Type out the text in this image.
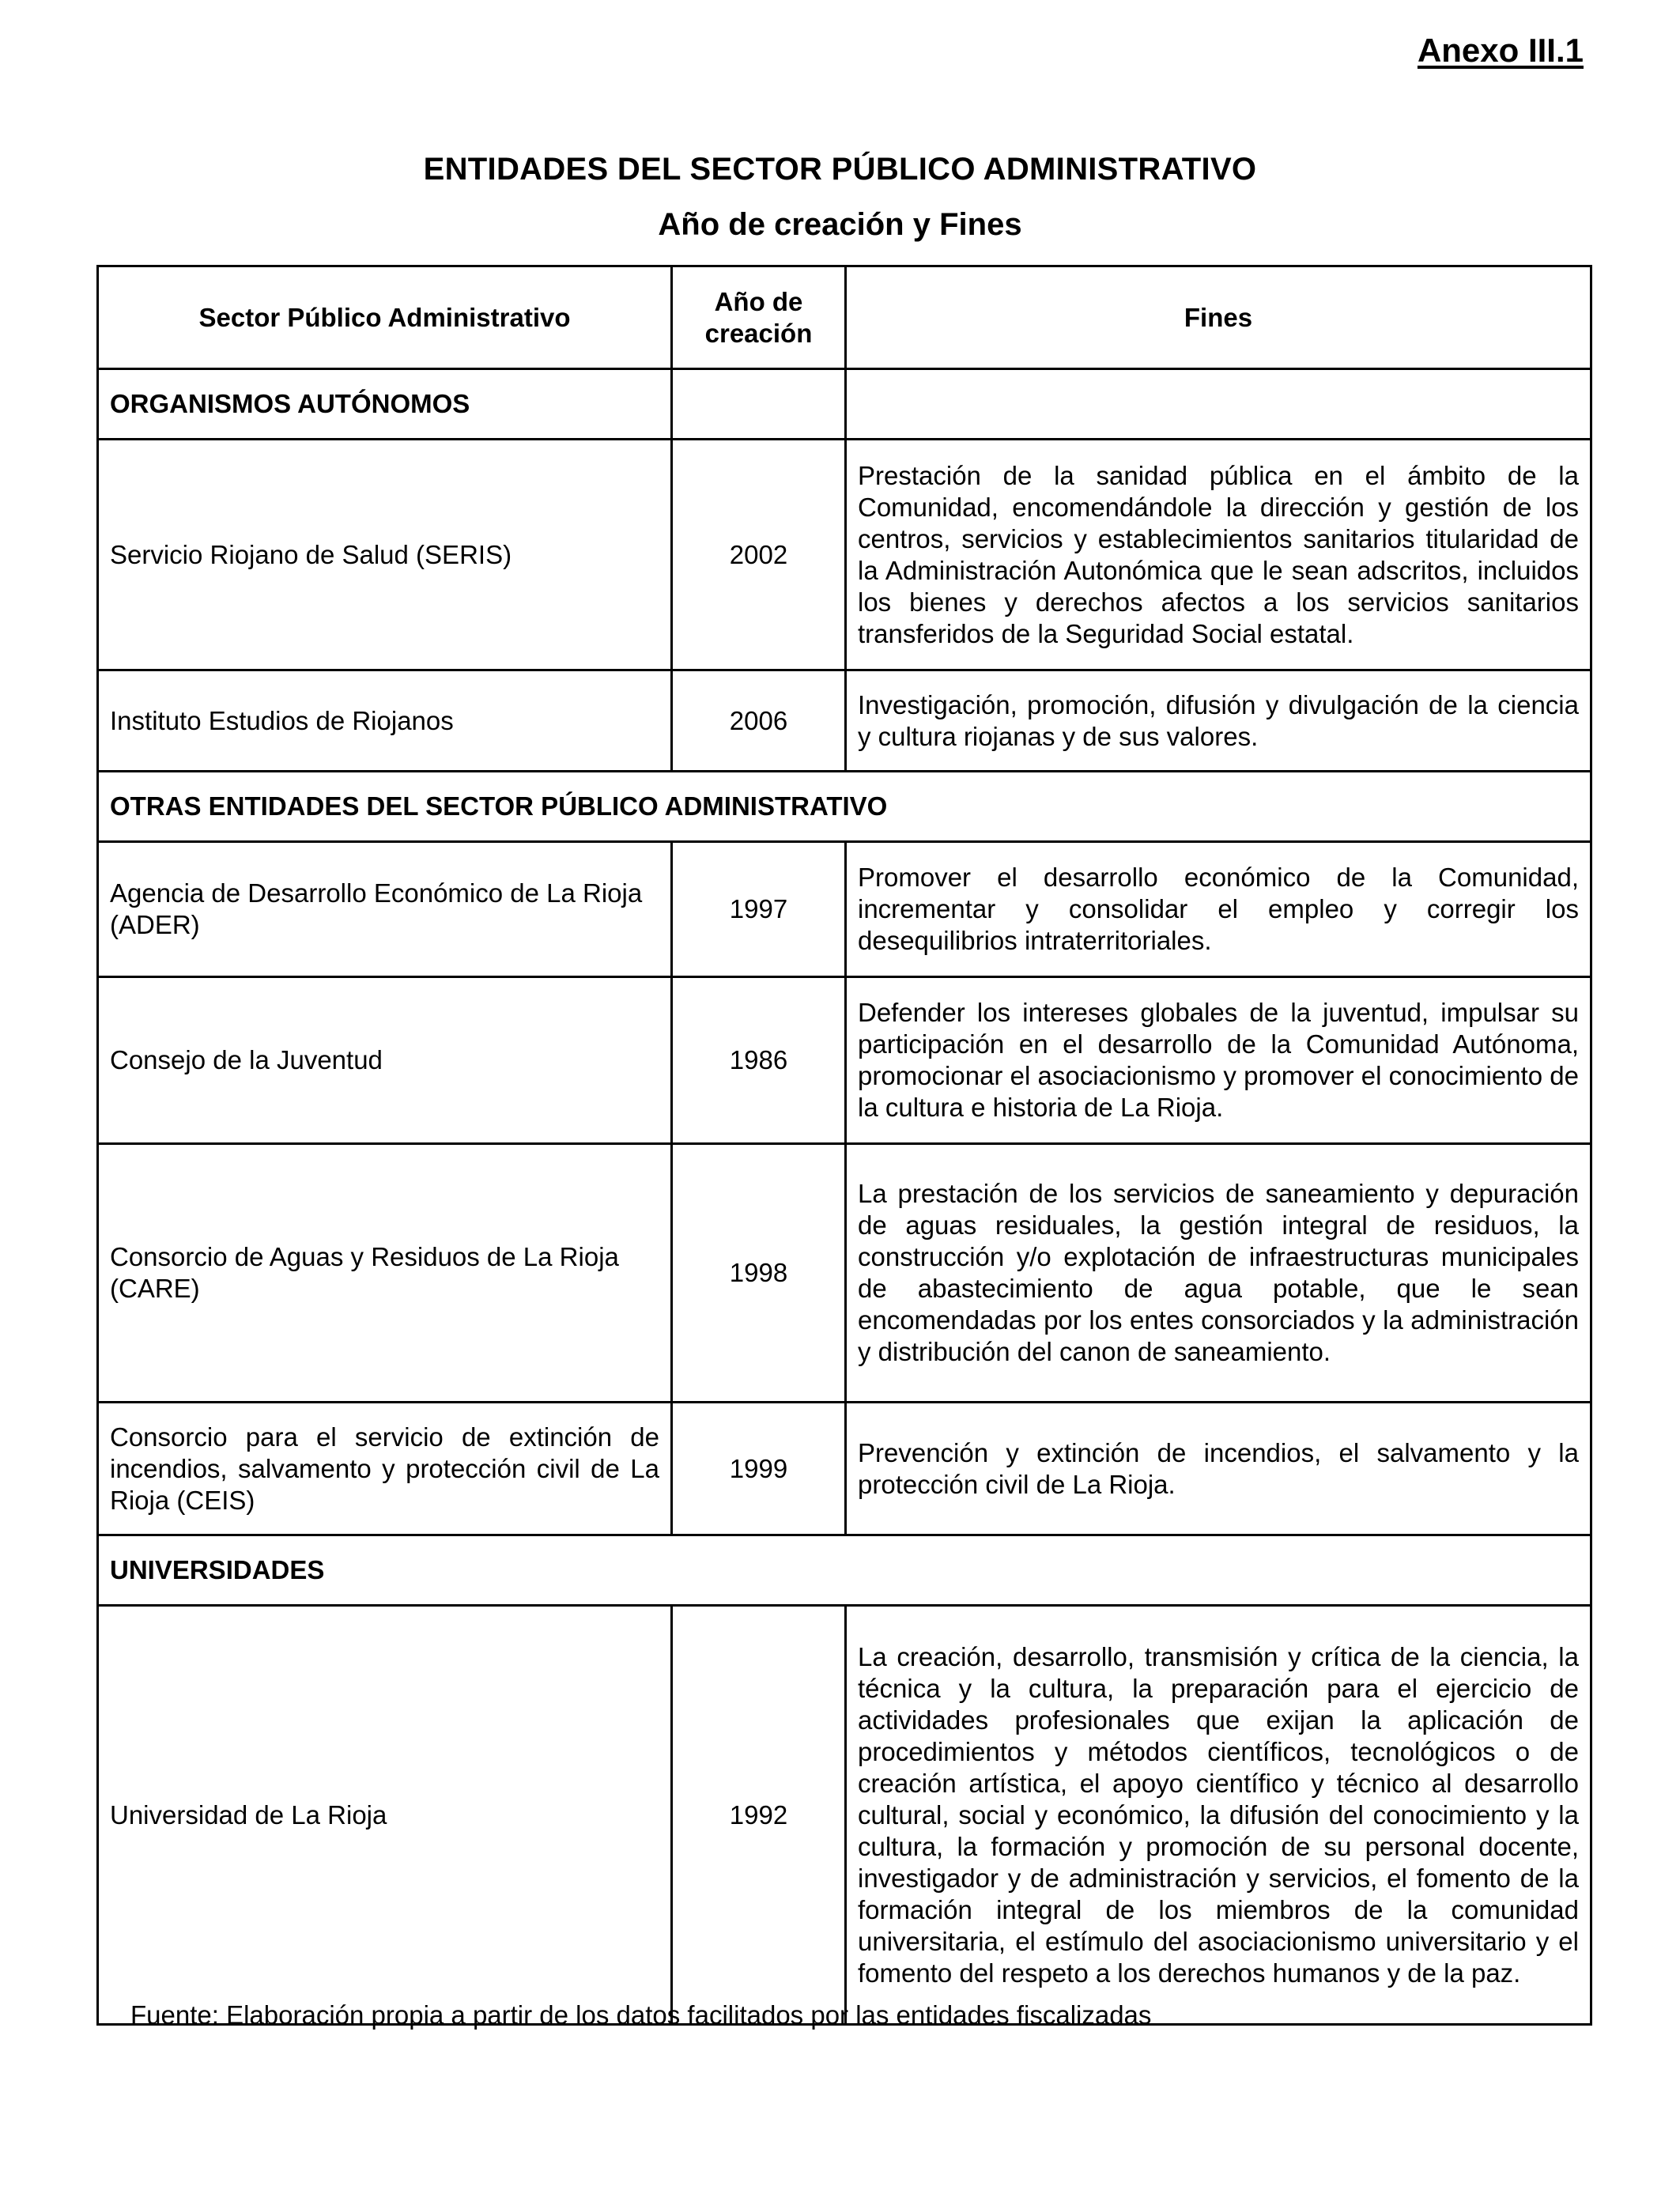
Anexo III.1
ENTIDADES DEL SECTOR PÚBLICO ADMINISTRATIVO
Año de creación y Fines
Sector Público Administrativo	Año de creación	Fines
ORGANISMOS AUTÓNOMOS		
Servicio Riojano de Salud (SERIS)	2002	Prestación de la sanidad pública en el ámbito de la Comunidad, encomendándole la dirección y gestión de los centros, servicios y establecimientos sanitarios titularidad de la Administración Autonómica que le sean adscritos, incluidos los bienes y derechos afectos a los servicios sanitarios transferidos de la Seguridad Social estatal.
Instituto Estudios de Riojanos	2006	Investigación, promoción, difusión y divulgación de la ciencia y cultura riojanas y de sus valores.
OTRAS ENTIDADES DEL SECTOR PÚBLICO ADMINISTRATIVO		
Agencia de Desarrollo Económico de La Rioja (ADER)	1997	Promover el desarrollo económico de la Comunidad, incrementar y consolidar el empleo y corregir los desequilibrios intraterritoriales.
Consejo de la Juventud	1986	Defender los intereses globales de la juventud, impulsar su participación en el desarrollo de la Comunidad Autónoma, promocionar el asociacionismo y promover el conocimiento de la cultura e historia de La Rioja.
Consorcio de Aguas y Residuos de La Rioja (CARE)	1998	La prestación de los servicios de saneamiento y depuración de aguas residuales, la gestión integral de residuos, la construcción y/o explotación de infraestructuras municipales de abastecimiento de agua potable, que le sean encomendadas por los entes consorciados y la administración y distribución del canon de saneamiento.
Consorcio para el servicio de extinción de incendios, salvamento y protección civil de La Rioja (CEIS)	1999	Prevención y extinción de incendios, el salvamento y la protección civil de La Rioja.
UNIVERSIDADES		
Universidad de La Rioja	1992	La creación, desarrollo, transmisión y crítica de la ciencia, la técnica y la cultura, la preparación para el ejercicio de actividades profesionales que exijan la aplicación de procedimientos y métodos científicos, tecnológicos o de creación artística, el apoyo científico y técnico al desarrollo cultural, social y económico, la difusión del conocimiento y la cultura, la formación y promoción de su personal docente, investigador y de administración y servicios, el fomento de la formación integral de los miembros de la comunidad universitaria, el estímulo del asociacionismo universitario y el fomento del respeto a los derechos humanos y de la paz.
Fuente: Elaboración propia a partir de los datos facilitados por las entidades fiscalizadas
